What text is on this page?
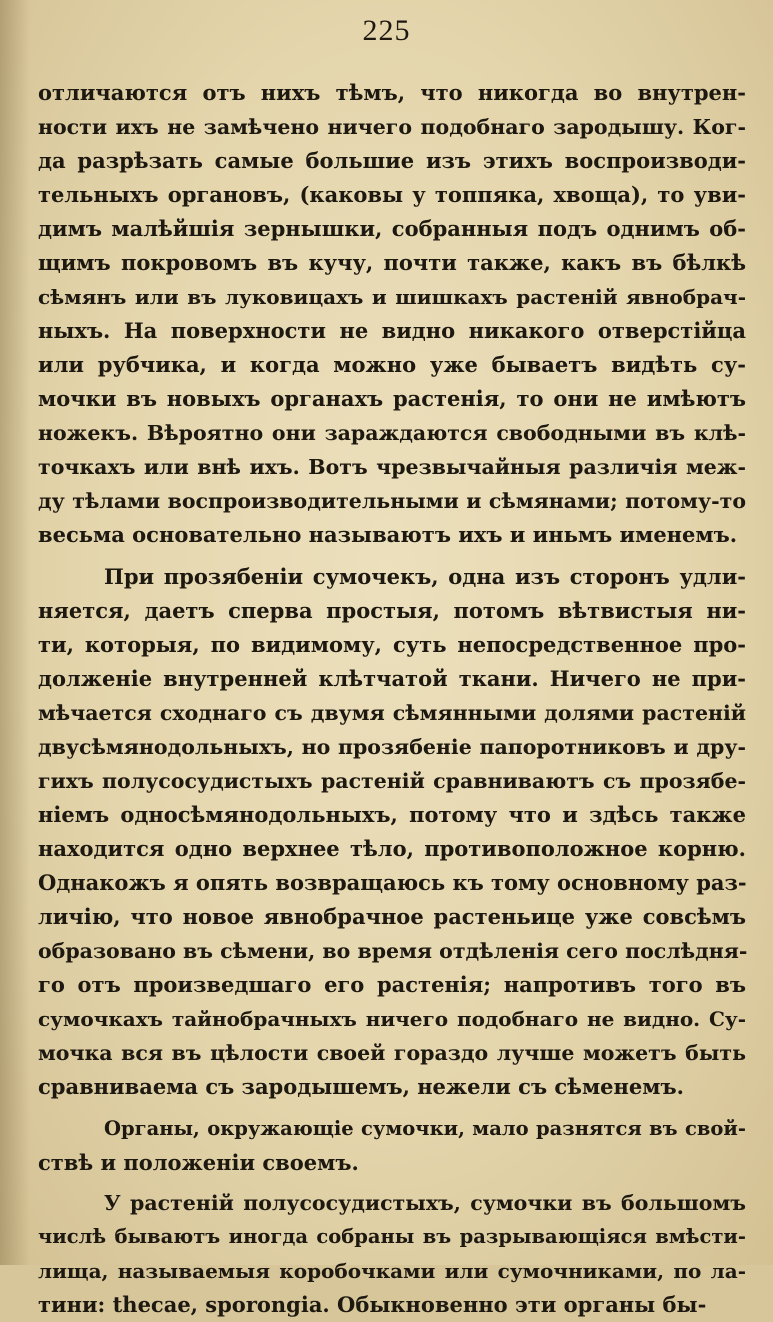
225
отличаются отъ нихъ тѣмъ, что никогда во внутрен-
ности ихъ не замѣчено ничего подобнаго зародышу. Ког-
да разрѣзать самые большие изъ этихъ воспроизводи-
тельныхъ органовъ, (каковы у топпяка, хвоща), то уви-
димъ малѣйшія зернышки, собранныя подъ однимъ об-
щимъ покровомъ въ кучу, почти также, какъ въ бѣлкѣ
сѣмянъ или въ луковицахъ и шишкахъ растеній явнобрач-
ныхъ. На поверхности не видно никакого отверстійца
или рубчика, и когда можно уже бываетъ видѣть су-
мочки въ новыхъ органахъ растенія, то они не имѣютъ
ножекъ. Вѣроятно они зараждаются свободными въ клѣ-
точкахъ или внѣ ихъ. Вотъ чрезвычайныя различія меж-
ду тѣлами воспроизводительными и сѣмянами; потому-то
весьма основательно называютъ ихъ и иньмъ именемъ.
При прозябеніи сумочекъ, одна изъ сторонъ удли-
няется, даетъ сперва простыя, потомъ вѣтвистыя ни-
ти, которыя, по видимому, суть непосредственное про-
долженіе внутренней клѣтчатой ткани. Ничего не при-
мѣчается сходнаго съ двумя сѣмянными долями растеній
двусѣмянодольныхъ, но прозябеніе папоротниковъ и дру-
гихъ полусосудистыхъ растеній сравниваютъ съ прозябе-
ніемъ односѣмянодольныхъ, потому что и здѣсь также
находится одно верхнее тѣло, противоположное корню.
Однакожъ я опять возвращаюсь къ тому основному раз-
личію, что новое явнобрачное растеньице уже совсѣмъ
образовано въ сѣмени, во время отдѣленія сего послѣдня-
го отъ произведшаго его растенія; напротивъ того въ
сумочкахъ тайнобрачныхъ ничего подобнаго не видно. Су-
мочка вся въ цѣлости своей гораздо лучше можетъ быть
сравниваема съ зародышемъ, нежели съ сѣменемъ.
Органы, окружающіе сумочки, мало разнятся въ свой-
ствѣ и положеніи своемъ.
У растеній полусосудистыхъ, сумочки въ большомъ
числѣ бываютъ иногда собраны въ разрывающіяся вмѣсти-
лища, называемыя коробочками или сумочниками, по ла-
тини: thecae, sporongia. Обыкновенно эти органы бы-
